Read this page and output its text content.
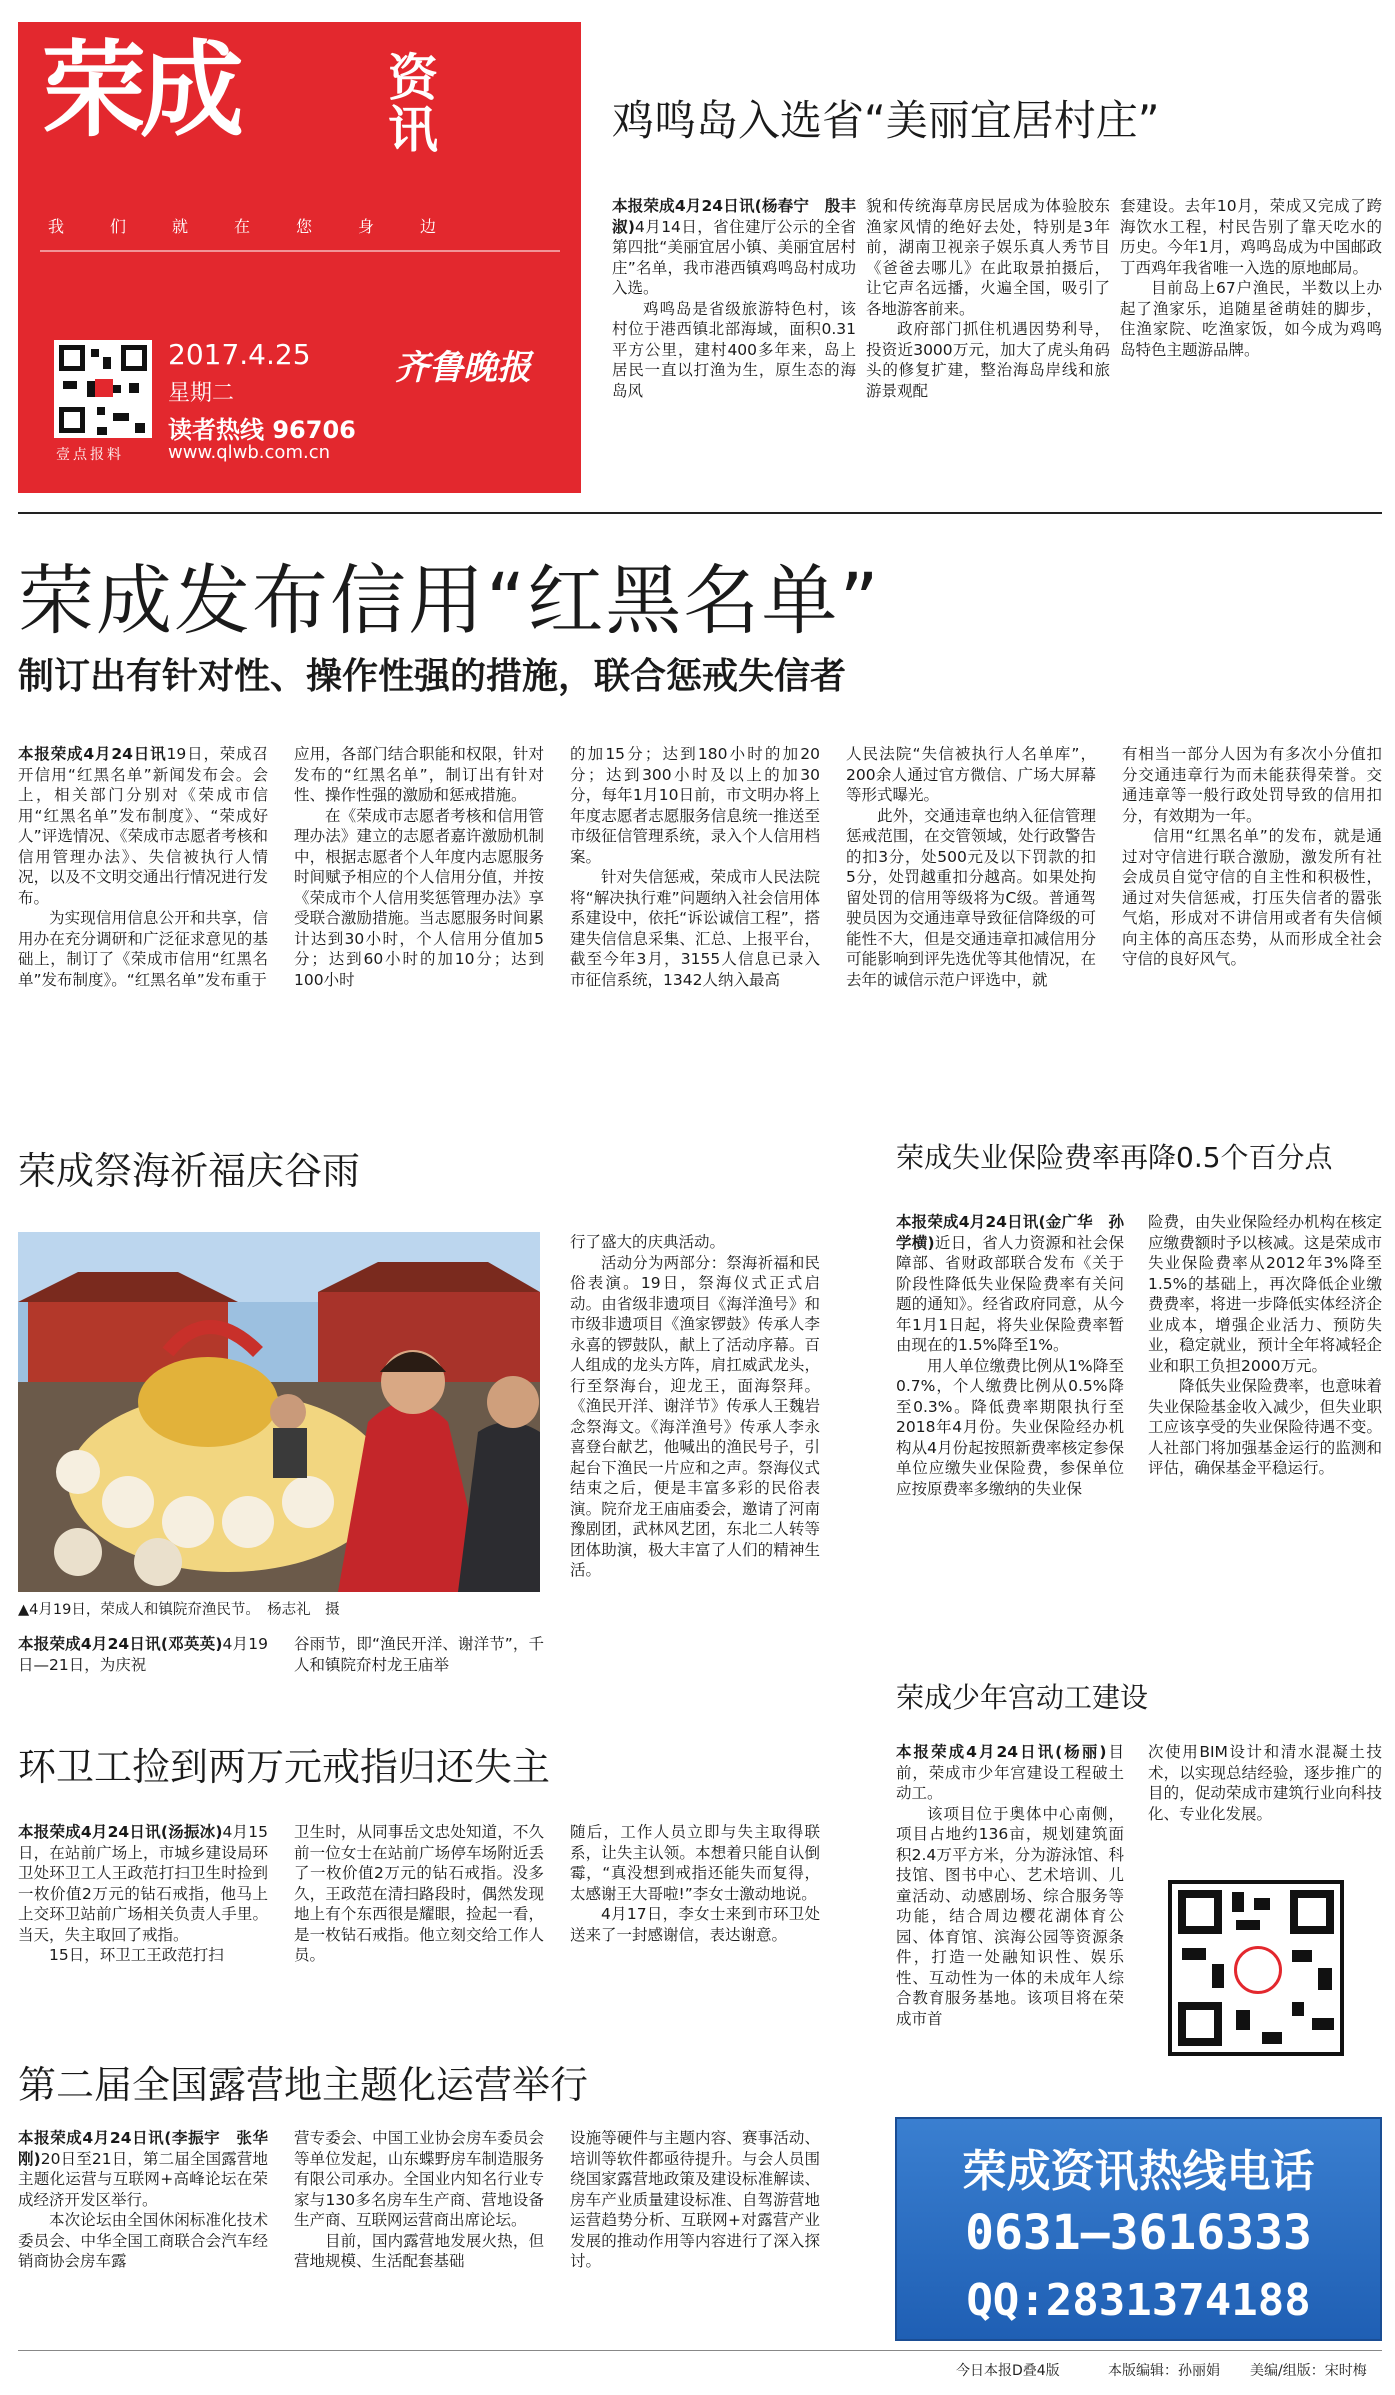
荣成	资讯
我们就在您身边
壹点报料
2017.4.25
星期二
读者热线 96706
www.qlwb.com.cn
齐鲁晚报
鸡鸣岛入选省“美丽宜居村庄”

本报荣成4月24日讯(杨春宁　殷丰淑)4月14日，省住建厅公示的全省第四批“美丽宜居小镇、美丽宜居村庄”名单，我市港西镇鸡鸣岛村成功入选。

鸡鸣岛是省级旅游特色村，该村位于港西镇北部海域，面积0.31平方公里，建村400多年来，岛上居民一直以打渔为生，原生态的海岛风

貌和传统海草房民居成为体验胶东渔家风情的绝好去处，特别是3年前，湖南卫视亲子娱乐真人秀节目《爸爸去哪儿》在此取景拍摄后，让它声名远播，火遍全国，吸引了各地游客前来。

政府部门抓住机遇因势利导，投资近3000万元，加大了虎头角码头的修复扩建，整治海岛岸线和旅游景观配

套建设。去年10月，荣成又完成了跨海饮水工程，村民告别了靠天吃水的历史。今年1月，鸡鸣岛成为中国邮政丁西鸡年我省唯一入选的原地邮局。

目前岛上67户渔民，半数以上办起了渔家乐，追随星爸萌娃的脚步，住渔家院、吃渔家饭，如今成为鸡鸣岛特色主题游品牌。

荣成发布信用“红黑名单”
制订出有针对性、操作性强的措施，联合惩戒失信者

本报荣成4月24日讯19日，荣成召开信用“红黑名单”新闻发布会。会上，相关部门分别对《荣成市信用“红黑名单”发布制度》、“荣成好人”评选情况、《荣成市志愿者考核和信用管理办法》、失信被执行人情况，以及不文明交通出行情况进行发布。

为实现信用信息公开和共享，信用办在充分调研和广泛征求意见的基础上，制订了《荣成市信用“红黑名单”发布制度》。“红黑名单”发布重于

应用，各部门结合职能和权限，针对发布的“红黑名单”，制订出有针对性、操作性强的激励和惩戒措施。

在《荣成市志愿者考核和信用管理办法》建立的志愿者嘉许激励机制中，根据志愿者个人年度内志愿服务时间赋予相应的个人信用分值，并按《荣成市个人信用奖惩管理办法》享受联合激励措施。当志愿服务时间累计达到30小时，个人信用分值加5分；达到60小时的加10分；达到100小时

的加15分；达到180小时的加20分；达到300小时及以上的加30分，每年1月10日前，市文明办将上年度志愿者志愿服务信息统一推送至市级征信管理系统，录入个人信用档案。

针对失信惩戒，荣成市人民法院将“解决执行难”问题纳入社会信用体系建设中，依托“诉讼诚信工程”，搭建失信信息采集、汇总、上报平台，截至今年3月，3155人信息已录入市征信系统，1342人纳入最高

人民法院“失信被执行人名单库”，200余人通过官方微信、广场大屏幕等形式曝光。

此外，交通违章也纳入征信管理惩戒范围，在交管领域，处行政警告的扣3分，处500元及以下罚款的扣5分，处罚越重扣分越高。如果处拘留处罚的信用等级将为C级。普通驾驶员因为交通违章导致征信降级的可能性不大，但是交通违章扣减信用分可能影响到评先选优等其他情况，在去年的诚信示范户评选中，就

有相当一部分人因为有多次小分值扣分交通违章行为而未能获得荣誉。交通违章等一般行政处罚导致的信用扣分，有效期为一年。

信用“红黑名单”的发布，就是通过对守信进行联合激励，激发所有社会成员自觉守信的自主性和积极性，通过对失信惩戒，打压失信者的嚣张气焰，形成对不讲信用或者有失信倾向主体的高压态势，从而形成全社会守信的良好风气。

荣成祭海祈福庆谷雨
▲4月19日，荣成人和镇院夼渔民节。　杨志礼　摄

本报荣成4月24日讯(邓英英)4月19日—21日，为庆祝

谷雨节，即“渔民开洋、谢洋节”，千人和镇院夼村龙王庙举

行了盛大的庆典活动。

活动分为两部分：祭海祈福和民俗表演。19日，祭海仪式正式启动。由省级非遗项目《海洋渔号》和市级非遗项目《渔家锣鼓》传承人李永喜的锣鼓队，献上了活动序幕。百人组成的龙头方阵，肩扛威武龙头，行至祭海台，迎龙王，面海祭拜。《渔民开洋、谢洋节》传承人王魏岩念祭海文。《海洋渔号》传承人李永喜登台献艺，他喊出的渔民号子，引起台下渔民一片应和之声。祭海仪式结束之后，便是丰富多彩的民俗表演。院夼龙王庙庙委会，邀请了河南豫剧团，武林风艺团，东北二人转等团体助演，极大丰富了人们的精神生活。

荣成失业保险费率再降0.5个百分点

本报荣成4月24日讯(金广华　孙学横)近日，省人力资源和社会保障部、省财政部联合发布《关于阶段性降低失业保险费率有关问题的通知》。经省政府同意，从今年1月1日起，将失业保险费率暂由现在的1.5%降至1%。

用人单位缴费比例从1%降至0.7%，个人缴费比例从0.5%降至0.3%。降低费率期限执行至2018年4月份。失业保险经办机构从4月份起按照新费率核定参保单位应缴失业保险费，参保单位应按原费率多缴纳的失业保

险费，由失业保险经办机构在核定应缴费额时予以核减。这是荣成市失业保险费率从2012年3%降至1.5%的基础上，再次降低企业缴费费率，将进一步降低实体经济企业成本，增强企业活力、预防失业，稳定就业，预计全年将减轻企业和职工负担2000万元。

降低失业保险费率，也意味着失业保险基金收入减少，但失业职工应该享受的失业保险待遇不变。人社部门将加强基金运行的监测和评估，确保基金平稳运行。

环卫工捡到两万元戒指归还失主

本报荣成4月24日讯(汤振冰)4月15日，在站前广场上，市城乡建设局环卫处环卫工人王政范打扫卫生时捡到一枚价值2万元的钻石戒指，他马上上交环卫站前广场相关负责人手里。当天，失主取回了戒指。

15日，环卫工王政范打扫

卫生时，从同事岳文忠处知道，不久前一位女士在站前广场停车场附近丢了一枚价值2万元的钻石戒指。没多久，王政范在清扫路段时，偶然发现地上有个东西很是耀眼，捡起一看，是一枚钻石戒指。他立刻交给工作人员。

随后，工作人员立即与失主取得联系，让失主认领。本想着只能自认倒霉，“真没想到戒指还能失而复得，太感谢王大哥啦!”李女士激动地说。

4月17日，李女士来到市环卫处送来了一封感谢信，表达谢意。

荣成少年宫动工建设

本报荣成4月24日讯(杨丽)目前，荣成市少年宫建设工程破土动工。

该项目位于奥体中心南侧，项目占地约136亩，规划建筑面积2.4万平方米，分为游泳馆、科技馆、图书中心、艺术培训、儿童活动、动感剧场、综合服务等功能，结合周边樱花湖体育公园、体育馆、滨海公园等资源条件，打造一处融知识性、娱乐性、互动性为一体的未成年人综合教育服务基地。该项目将在荣成市首

次使用BIM设计和清水混凝土技术，以实现总结经验，逐步推广的目的，促动荣成市建筑行业向科技化、专业化发展。

第二届全国露营地主题化运营举行

本报荣成4月24日讯(李振宇　张华刚)20日至21日，第二届全国露营地主题化运营与互联网+高峰论坛在荣成经济开发区举行。

本次论坛由全国休闲标准化技术委员会、中华全国工商联合会汽车经销商协会房车露

营专委会、中国工业协会房车委员会等单位发起，山东蝶野房车制造服务有限公司承办。全国业内知名行业专家与130多名房车生产商、营地设备生产商、互联网运营商出席论坛。

目前，国内露营地发展火热，但营地规模、生活配套基础

设施等硬件与主题内容、赛事活动、培训等软件都亟待提升。与会人员围绕国家露营地政策及建设标准解读、房车产业质量建设标准、自驾游营地运营趋势分析、互联网+对露营产业发展的推动作用等内容进行了深入探讨。

荣成资讯热线电话
0631—3616333
QQ:2831374188
今日本报D叠4版	本版编辑：孙丽娟 美编/组版：宋时梅
